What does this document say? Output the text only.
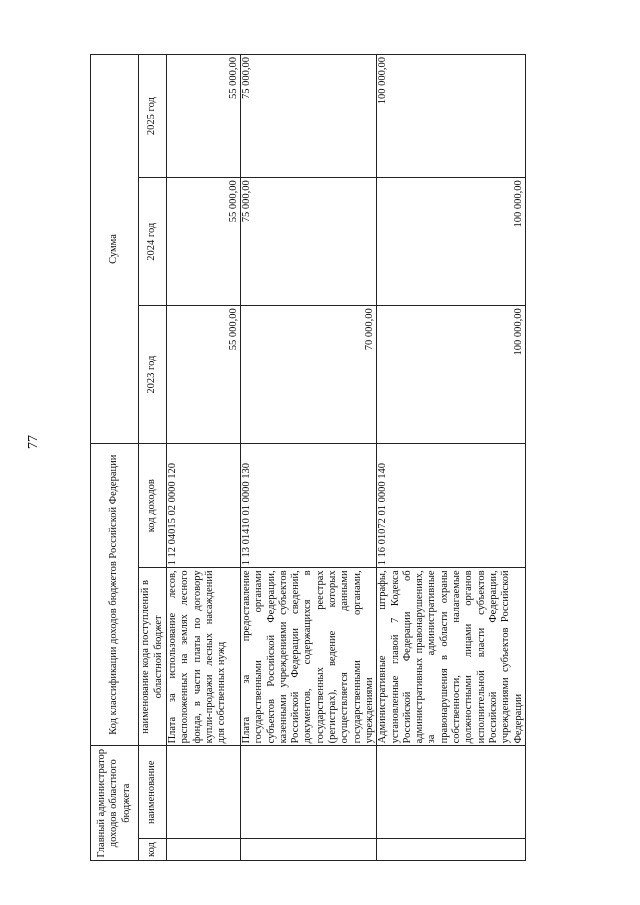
77
Главный администратор доходов областного бюджета		Код классификации доходов бюджетов Российской Федерации		Сумма		
код	наименование	наименование кода поступлений в областной бюджет	код доходов	2023 год	2024 год	2025 год
		Плата за использование лесов, расположенных на землях лесного фонда, в части платы по договору купли-продажи лесных насаждений для собственных нужд	1 12 04015 02 0000 120	55 000,00	55 000,00	55 000,00
		Плата за предоставление государственными органами субъектов Российской Федерации, казенными учреждениями субъектов Российской Федерации сведений, документов, содержащихся в государственных реестрах (регистрах), ведение которых осуществляется данными государственными органами, учреждениями	1 13 01410 01 0000 130	70 000,00	75 000,00	75 000,00
		Административные штрафы, установленные главой 7 Кодекса Российской Федерации об административных правонарушениях, за административные правонарушения в области охраны собственности, налагаемые должностными лицами органов исполнительной власти субъектов Российской Федерации, учреждениями субъектов Российской Федерации	1 16 01072 01 0000 140	100 000,00	100 000,00	100 000,00
